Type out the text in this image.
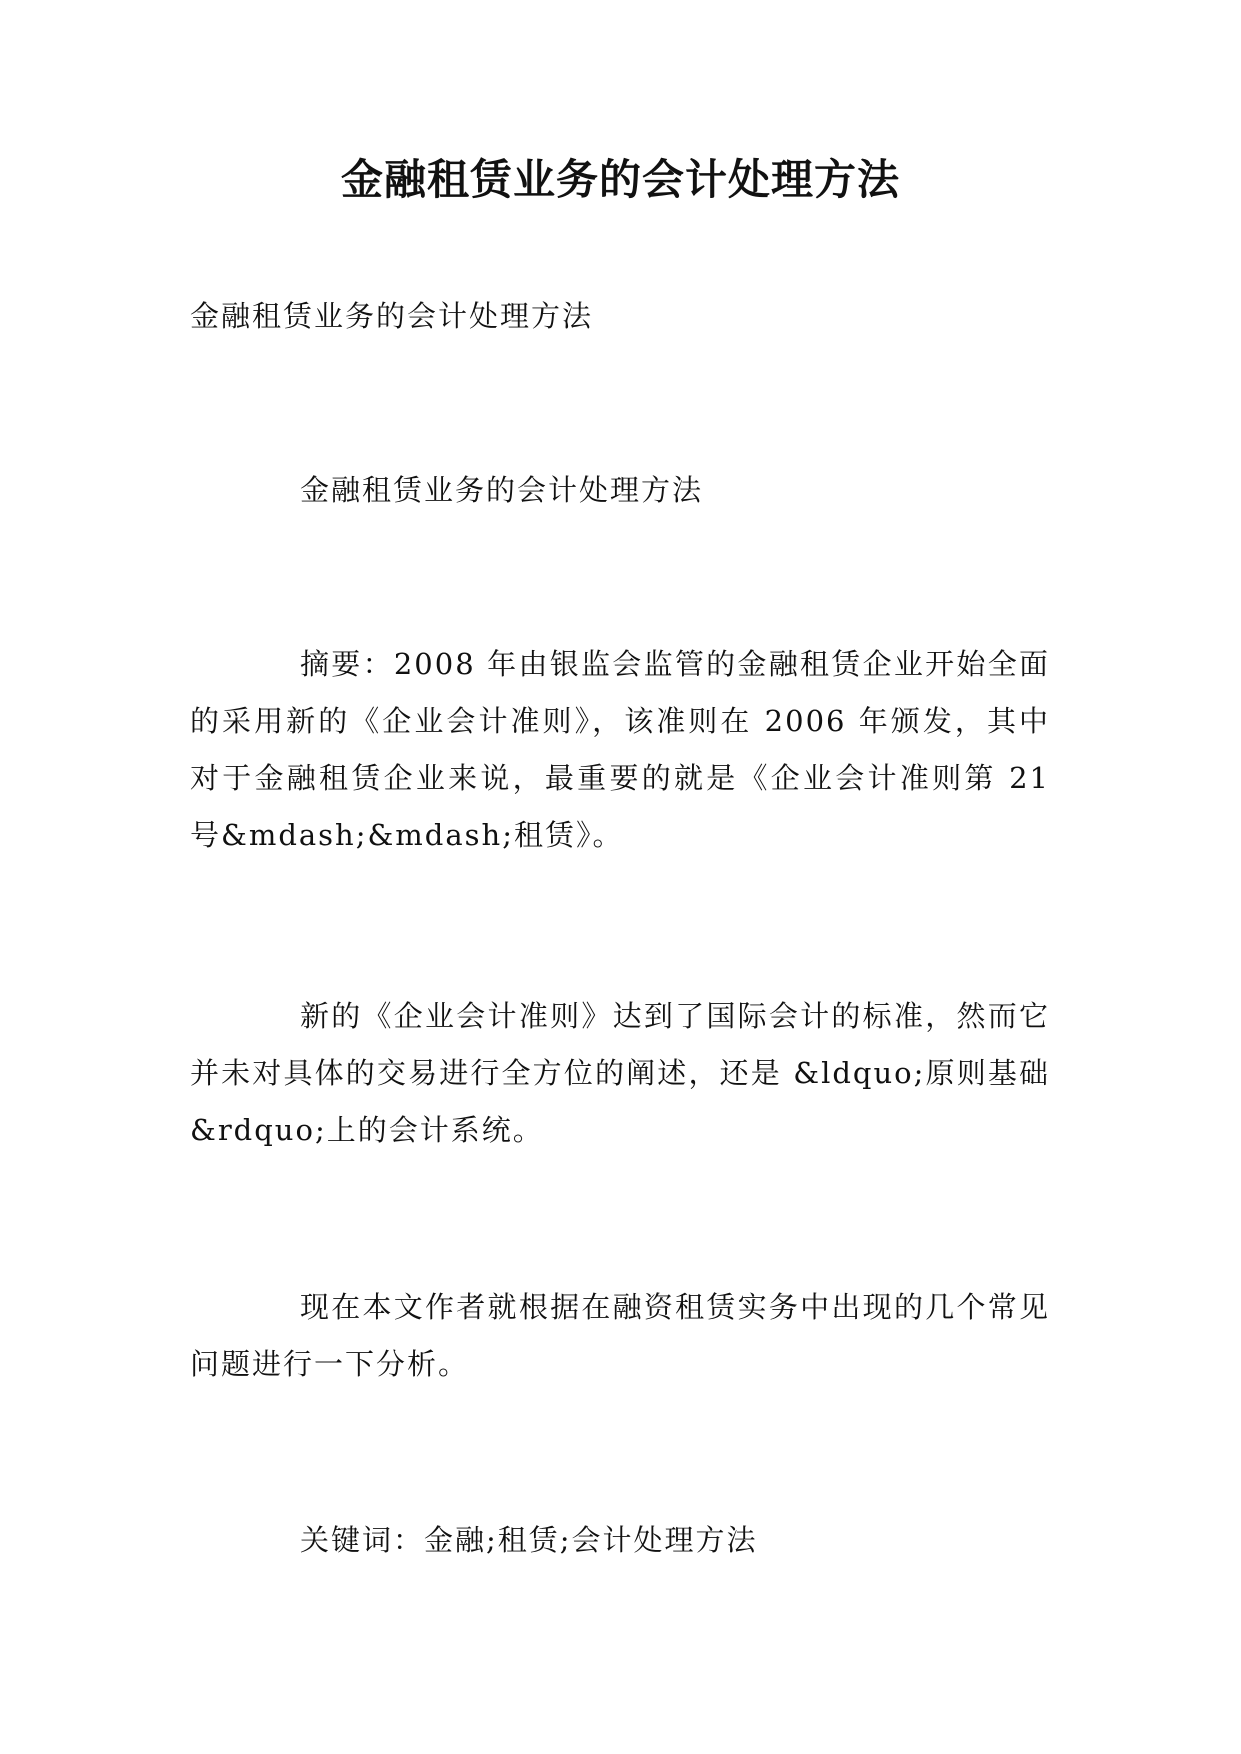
金融租赁业务的会计处理方法

金融租赁业务的会计处理方法

金融租赁业务的会计处理方法

摘要：2008 年由银监会监管的金融租赁企业开始全面的采用新的《企业会计准则》，该准则在 2006 年颁发，其中对于金融租赁企业来说，最重要的就是《企业会计准则第 21 号&mdash;&mdash;租赁》。

新的《企业会计准则》达到了国际会计的标准，然而它并未对具体的交易进行全方位的阐述，还是 &ldquo;原则基础&rdquo;上的会计系统。

现在本文作者就根据在融资租赁实务中出现的几个常见问题进行一下分析。

关键词：金融;租赁;会计处理方法
